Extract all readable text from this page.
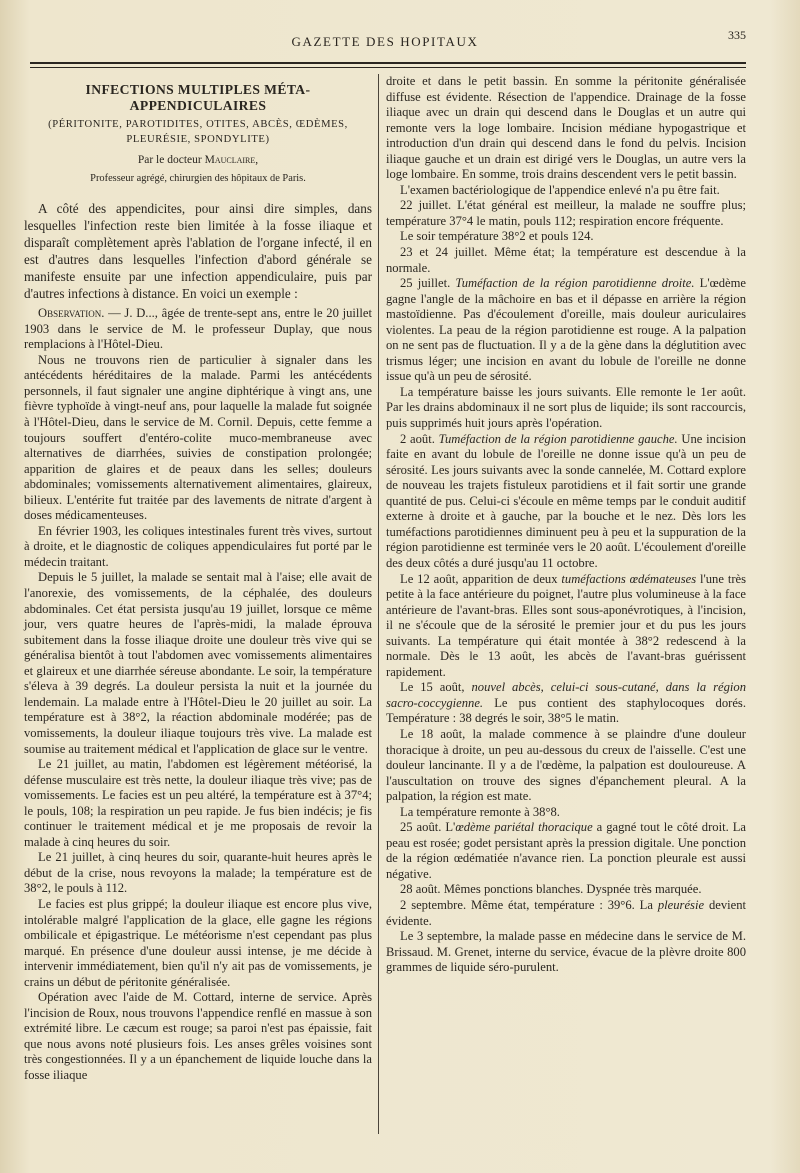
GAZETTE DES HOPITAUX	335
INFECTIONS MULTIPLES MÉTA-APPENDICULAIRES
(PÉRITONITE, PAROTIDITES, OTITES, ABCÈS, ŒDÈMES, PLEURÉSIE, SPONDYLITE)
Par le docteur Mauclaire,
Professeur agrégé, chirurgien des hôpitaux de Paris.

A côté des appendicites, pour ainsi dire simples, dans lesquelles l'infection reste bien limitée à la fosse iliaque et disparaît complètement après l'ablation de l'organe infecté, il en est d'autres dans lesquelles l'infection d'abord générale se manifeste ensuite par une infection appendiculaire, puis par d'autres infections à distance. En voici un exemple :

Observation. — J. D..., âgée de trente-sept ans, entre le 20 juillet 1903 dans le service de M. le professeur Duplay, que nous remplacions à l'Hôtel-Dieu.

Nous ne trouvons rien de particulier à signaler dans les antécédents héréditaires de la malade. Parmi les antécédents personnels, il faut signaler une angine diphtérique à vingt ans, une fièvre typhoïde à vingt-neuf ans, pour laquelle la malade fut soignée à l'Hôtel-Dieu, dans le service de M. Cornil. Depuis, cette femme a toujours souffert d'entéro-colite muco-membraneuse avec alternatives de diarrhées, suivies de constipation prolongée; apparition de glaires et de peaux dans les selles; douleurs abdominales; vomissements alternativement alimentaires, glaireux, bilieux. L'entérite fut traitée par des lavements de nitrate d'argent à doses médicamenteuses.

En février 1903, les coliques intestinales furent très vives, surtout à droite, et le diagnostic de coliques appendiculaires fut porté par le médecin traitant.

Depuis le 5 juillet, la malade se sentait mal à l'aise; elle avait de l'anorexie, des vomissements, de la céphalée, des douleurs abdominales. Cet état persista jusqu'au 19 juillet, lorsque ce même jour, vers quatre heures de l'après-midi, la malade éprouva subitement dans la fosse iliaque droite une douleur très vive qui se généralisa bientôt à tout l'abdomen avec vomissements alimentaires et glaireux et une diarrhée séreuse abondante. Le soir, la température s'éleva à 39 degrés. La douleur persista la nuit et la journée du lendemain. La malade entre à l'Hôtel-Dieu le 20 juillet au soir. La température est à 38°2, la réaction abdominale modérée; pas de vomissements, la douleur iliaque toujours très vive. La malade est soumise au traitement médical et l'application de glace sur le ventre.

Le 21 juillet, au matin, l'abdomen est légèrement météorisé, la défense musculaire est très nette, la douleur iliaque très vive; pas de vomissements. Le facies est un peu altéré, la température est à 37°4; le pouls, 108; la respiration un peu rapide. Je fus bien indécis; je fis continuer le traitement médical et je me proposais de revoir la malade à cinq heures du soir.

Le 21 juillet, à cinq heures du soir, quarante-huit heures après le début de la crise, nous revoyons la malade; la température est de 38°2, le pouls à 112.

Le facies est plus grippé; la douleur iliaque est encore plus vive, intolérable malgré l'application de la glace, elle gagne les régions ombilicale et épigastrique. Le météorisme n'est cependant pas plus marqué. En présence d'une douleur aussi intense, je me décide à intervenir immédiatement, bien qu'il n'y ait pas de vomissements, je crains un début de péritonite généralisée.

Opération avec l'aide de M. Cottard, interne de service. Après l'incision de Roux, nous trouvons l'appendice renflé en massue à son extrémité libre. Le cæcum est rouge; sa paroi n'est pas épaissie, fait que nous avons noté plusieurs fois. Les anses grêles voisines sont très congestionnées. Il y a un épanchement de liquide louche dans la fosse iliaque

droite et dans le petit bassin. En somme la péritonite généralisée diffuse est évidente. Résection de l'appendice. Drainage de la fosse iliaque avec un drain qui descend dans le Douglas et un autre qui remonte vers la loge lombaire. Incision médiane hypogastrique et introduction d'un drain qui descend dans le fond du pelvis. Incision iliaque gauche et un drain est dirigé vers le Douglas, un autre vers la loge lombaire. En somme, trois drains descendent vers le petit bassin.

L'examen bactériologique de l'appendice enlevé n'a pu être fait.

22 juillet. L'état général est meilleur, la malade ne souffre plus; température 37°4 le matin, pouls 112; respiration encore fréquente.

Le soir température 38°2 et pouls 124.

23 et 24 juillet. Même état; la température est descendue à la normale.

25 juillet. Tuméfaction de la région parotidienne droite. L'œdème gagne l'angle de la mâchoire en bas et il dépasse en arrière la région mastoïdienne. Pas d'écoulement d'oreille, mais douleur auriculaires violentes. La peau de la région parotidienne est rouge. A la palpation on ne sent pas de fluctuation. Il y a de la gène dans la déglutition avec trismus léger; une incision en avant du lobule de l'oreille ne donne issue qu'à un peu de sérosité.

La température baisse les jours suivants. Elle remonte le 1er août. Par les drains abdominaux il ne sort plus de liquide; ils sont raccourcis, puis supprimés huit jours après l'opération.

2 août. Tuméfaction de la région parotidienne gauche. Une incision faite en avant du lobule de l'oreille ne donne issue qu'à un peu de sérosité. Les jours suivants avec la sonde cannelée, M. Cottard explore de nouveau les trajets fistuleux parotidiens et il fait sortir une grande quantité de pus. Celui-ci s'écoule en même temps par le conduit auditif externe à droite et à gauche, par la bouche et le nez. Dès lors les tuméfactions parotidiennes diminuent peu à peu et la suppuration de la région parotidienne est terminée vers le 20 août. L'écoulement d'oreille des deux côtés a duré jusqu'au 11 octobre.

Le 12 août, apparition de deux tuméfactions œdémateuses l'une très petite à la face antérieure du poignet, l'autre plus volumineuse à la face antérieure de l'avant-bras. Elles sont sous-aponévrotiques, à l'incision, il ne s'écoule que de la sérosité le premier jour et du pus les jours suivants. La température qui était montée à 38°2 redescend à la normale. Dès le 13 août, les abcès de l'avant-bras guérissent rapidement.

Le 15 août, nouvel abcès, celui-ci sous-cutané, dans la région sacro-coccygienne. Le pus contient des staphylocoques dorés. Température : 38 degrés le soir, 38°5 le matin.

Le 18 août, la malade commence à se plaindre d'une douleur thoracique à droite, un peu au-dessous du creux de l'aisselle. C'est une douleur lancinante. Il y a de l'œdème, la palpation est douloureuse. A l'auscultation on trouve des signes d'épanchement pleural. A la palpation, la région est mate.

La température remonte à 38°8.

25 août. L'œdème pariétal thoracique a gagné tout le côté droit. La peau est rosée; godet persistant après la pression digitale. Une ponction de la région œdématiée n'avance rien. La ponction pleurale est aussi négative.

28 août. Mêmes ponctions blanches. Dyspnée très marquée.

2 septembre. Même état, température : 39°6. La pleurésie devient évidente.

Le 3 septembre, la malade passe en médecine dans le service de M. Brissaud. M. Grenet, interne du service, évacue de la plèvre droite 800 grammes de liquide séro-purulent.
